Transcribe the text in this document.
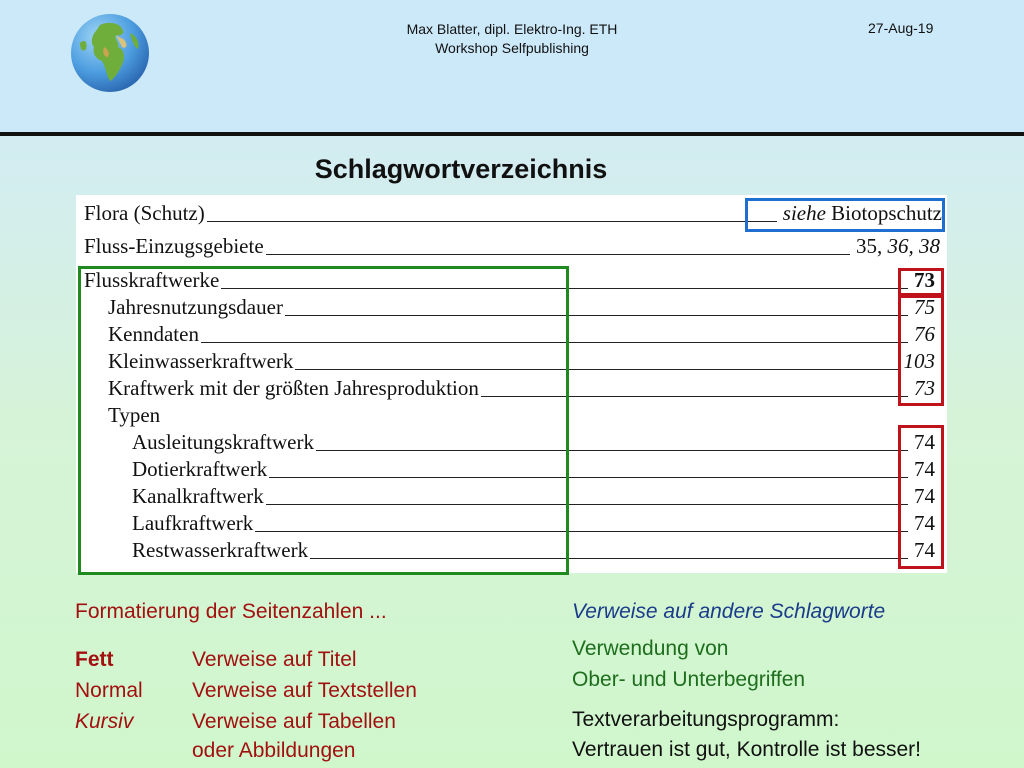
Max Blatter, dipl. Elektro-Ing. ETH
Workshop Selfpublishing
27-Aug-19
Schlagwortverzeichnis
Flora (Schutz)	siehe Biotopschutz
Fluss-Einzugsgebiete	35, 36, 38
Flusskraftwerke	73
Jahresnutzungsdauer	75
Kenndaten	76
Kleinwasserkraftwerk	103
Kraftwerk mit der größten Jahresproduktion	73
Typen
Ausleitungskraftwerk	74
Dotierkraftwerk	74
Kanalkraftwerk	74
Laufkraftwerk	74
Restwasserkraftwerk	74
Formatierung der Seitenzahlen ...
Fett	Verweise auf Titel
Normal Verweise auf Textstellen
Kursiv	Verweise auf Tabellen
oder Abbildungen
Verweise auf andere Schlagworte
Verwendung von
Ober- und Unterbegriffen
Textverarbeitungsprogramm:
Vertrauen ist gut, Kontrolle ist besser!
